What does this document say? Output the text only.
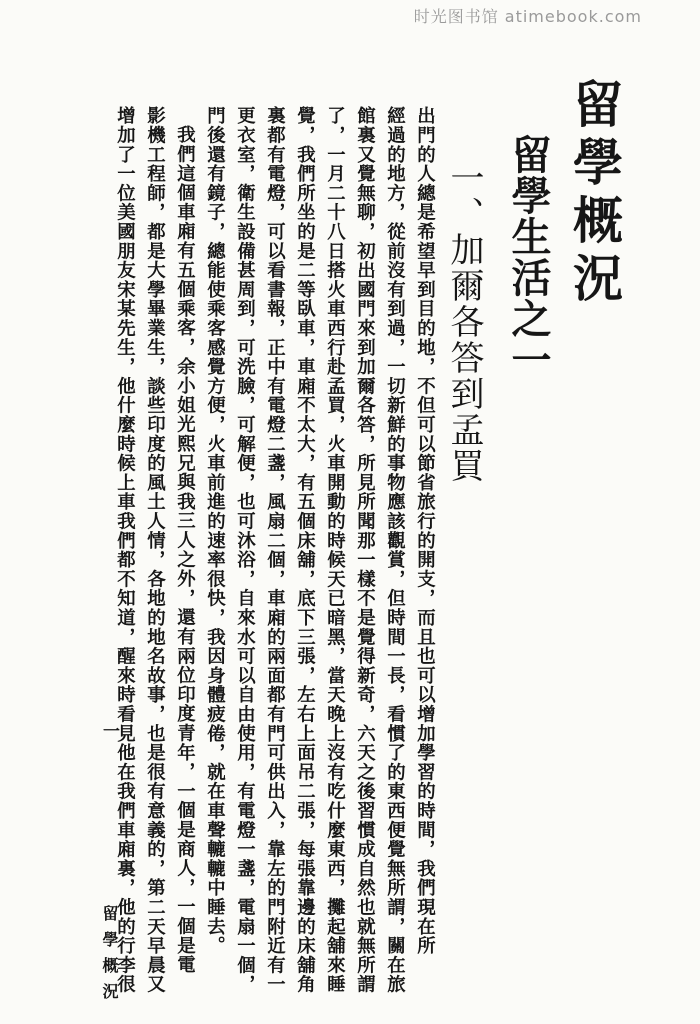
时光图书馆 atimebook.com
留學概況
留學生活之一
一、加爾各答到孟買
出門的人總是希望早到目的地，不但可以節省旅行的開支，而且也可以增加學習的時間，我們現在所
經過的地方，從前沒有到過，一切新鮮的事物應該觀賞，但時間一長，看慣了的東西便覺無所謂，關在旅
館裏又覺無聊，初出國門來到加爾各答，所見所聞那一樣不是覺得新奇，六天之後習慣成自然也就無所謂
了，一月二十八日搭火車西行赴孟買，火車開動的時候天已暗黑，當天晚上沒有吃什麼東西，攤起舖來睡
覺，我們所坐的是二等臥車，車廂不太大，有五個床舖，底下三張，左右上面吊二張，每張靠邊的床舖角
裏都有電燈，可以看書報，正中有電燈二盞，風扇二個，車廂的兩面都有門可供出入，靠左的門附近有一
更衣室，衛生設備甚周到，可洗臉，可解便，也可沐浴，自來水可以自由使用，有電燈一盞，電扇一個，
門後還有鏡子，總能使乘客感覺方便，火車前進的速率很快，我因身體疲倦，就在車聲轆轆中睡去。
我們這個車廂有五個乘客，余小姐光熙兄與我三人之外，還有兩位印度青年，一個是商人，一個是電
影機工程師，都是大學畢業生，談些印度的風土人情，各地的地名故事，也是很有意義的，第二天早晨又
增加了一位美國朋友宋某先生，他什麼時候上車我們都不知道，醒來時看見他在我們車廂裏，他的行李很
一
留學概況
